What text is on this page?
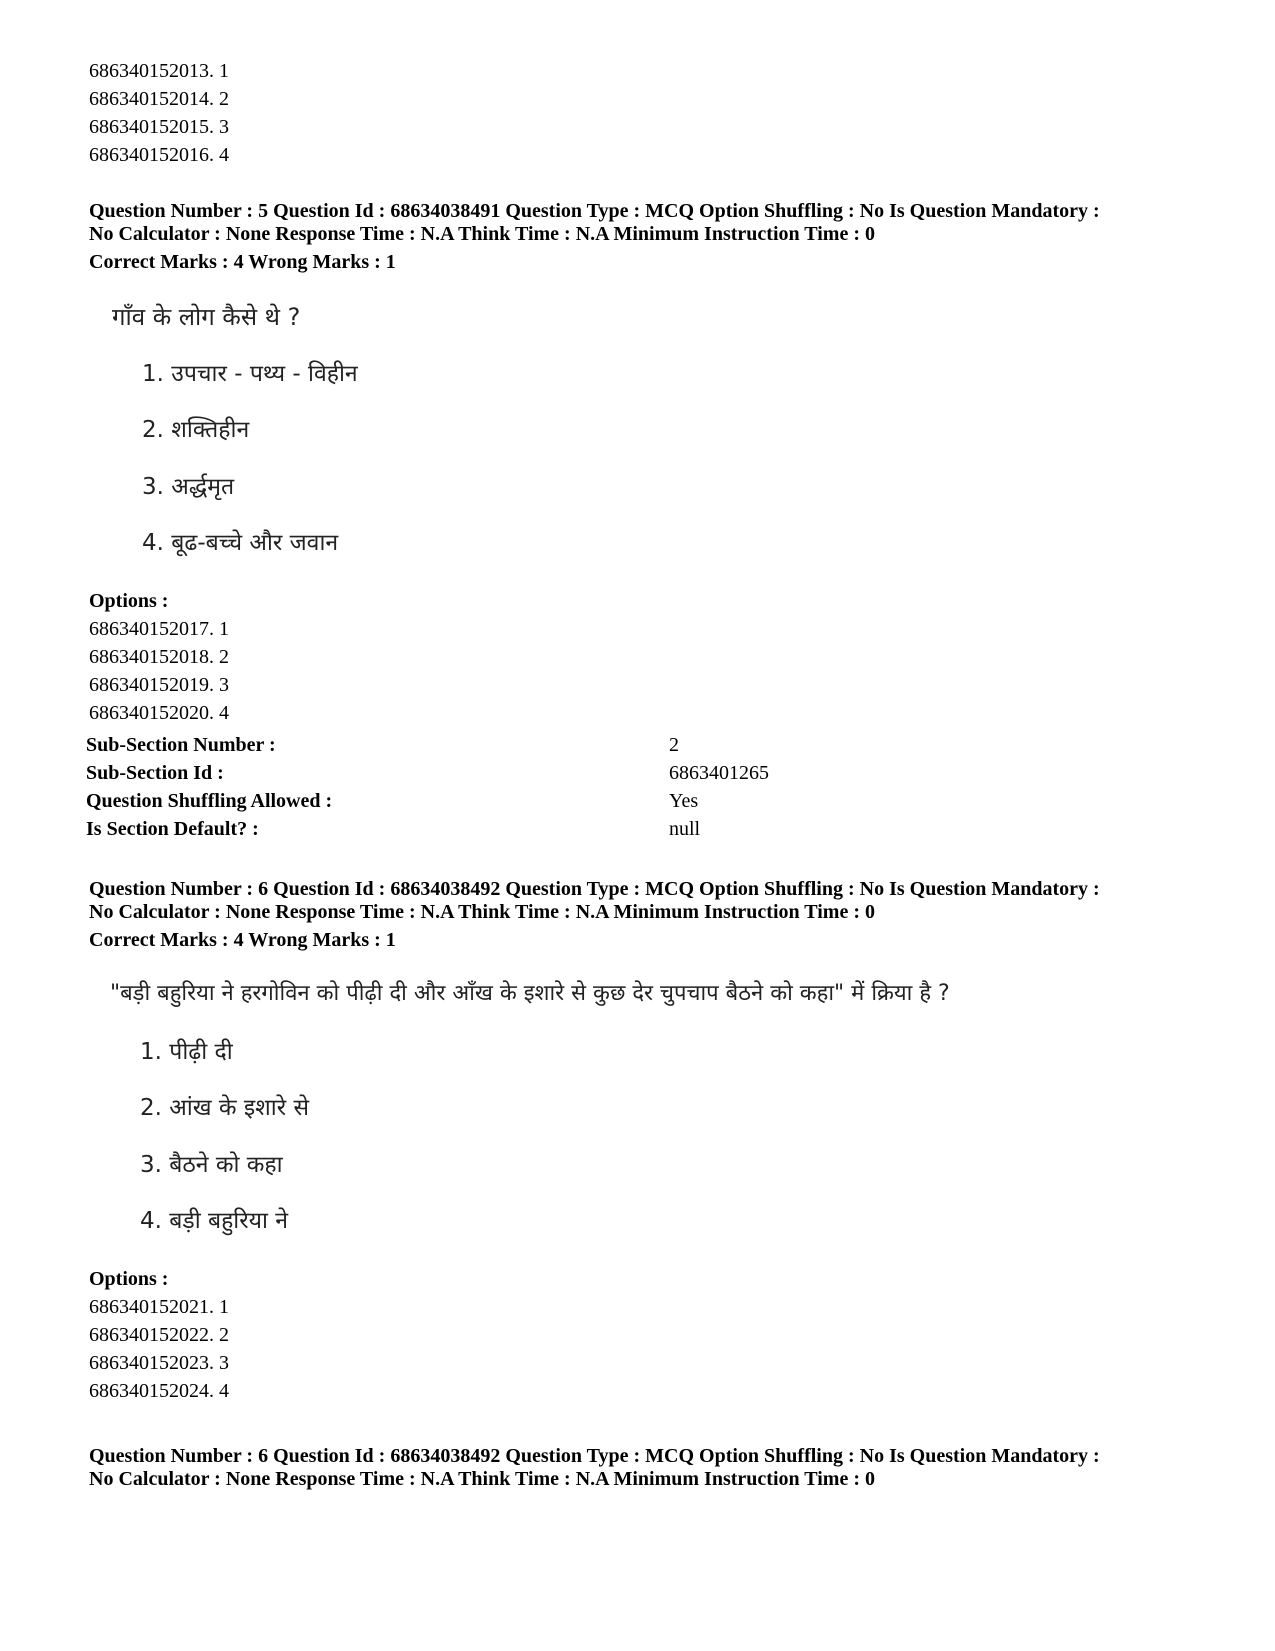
686340152013. 1
686340152014. 2
686340152015. 3
686340152016. 4
Question Number : 5 Question Id : 68634038491 Question Type : MCQ Option Shuffling : No Is Question Mandatory :
No Calculator : None Response Time : N.A Think Time : N.A Minimum Instruction Time : 0
Correct Marks : 4 Wrong Marks : 1
गाँव के लोग कैसे थे ?
1. उपचार - पथ्य - विहीन
2. शक्तिहीन
3. अर्द्धमृत
4. बूढ-बच्चे और जवान
Options :
686340152017. 1
686340152018. 2
686340152019. 3
686340152020. 4
Sub-Section Number :	2
Sub-Section Id :	6863401265
Question Shuffling Allowed :	Yes
Is Section Default? :	null
Question Number : 6 Question Id : 68634038492 Question Type : MCQ Option Shuffling : No Is Question Mandatory :
No Calculator : None Response Time : N.A Think Time : N.A Minimum Instruction Time : 0
Correct Marks : 4 Wrong Marks : 1
"बड़ी बहुरिया ने हरगोविन को पीढ़ी दी और आँख के इशारे से कुछ देर चुपचाप बैठने को कहा" में क्रिया है ?
1. पीढ़ी दी
2. आंख के इशारे से
3. बैठने को कहा
4. बड़ी बहुरिया ने
Options :
686340152021. 1
686340152022. 2
686340152023. 3
686340152024. 4
Question Number : 6 Question Id : 68634038492 Question Type : MCQ Option Shuffling : No Is Question Mandatory :
No Calculator : None Response Time : N.A Think Time : N.A Minimum Instruction Time : 0
